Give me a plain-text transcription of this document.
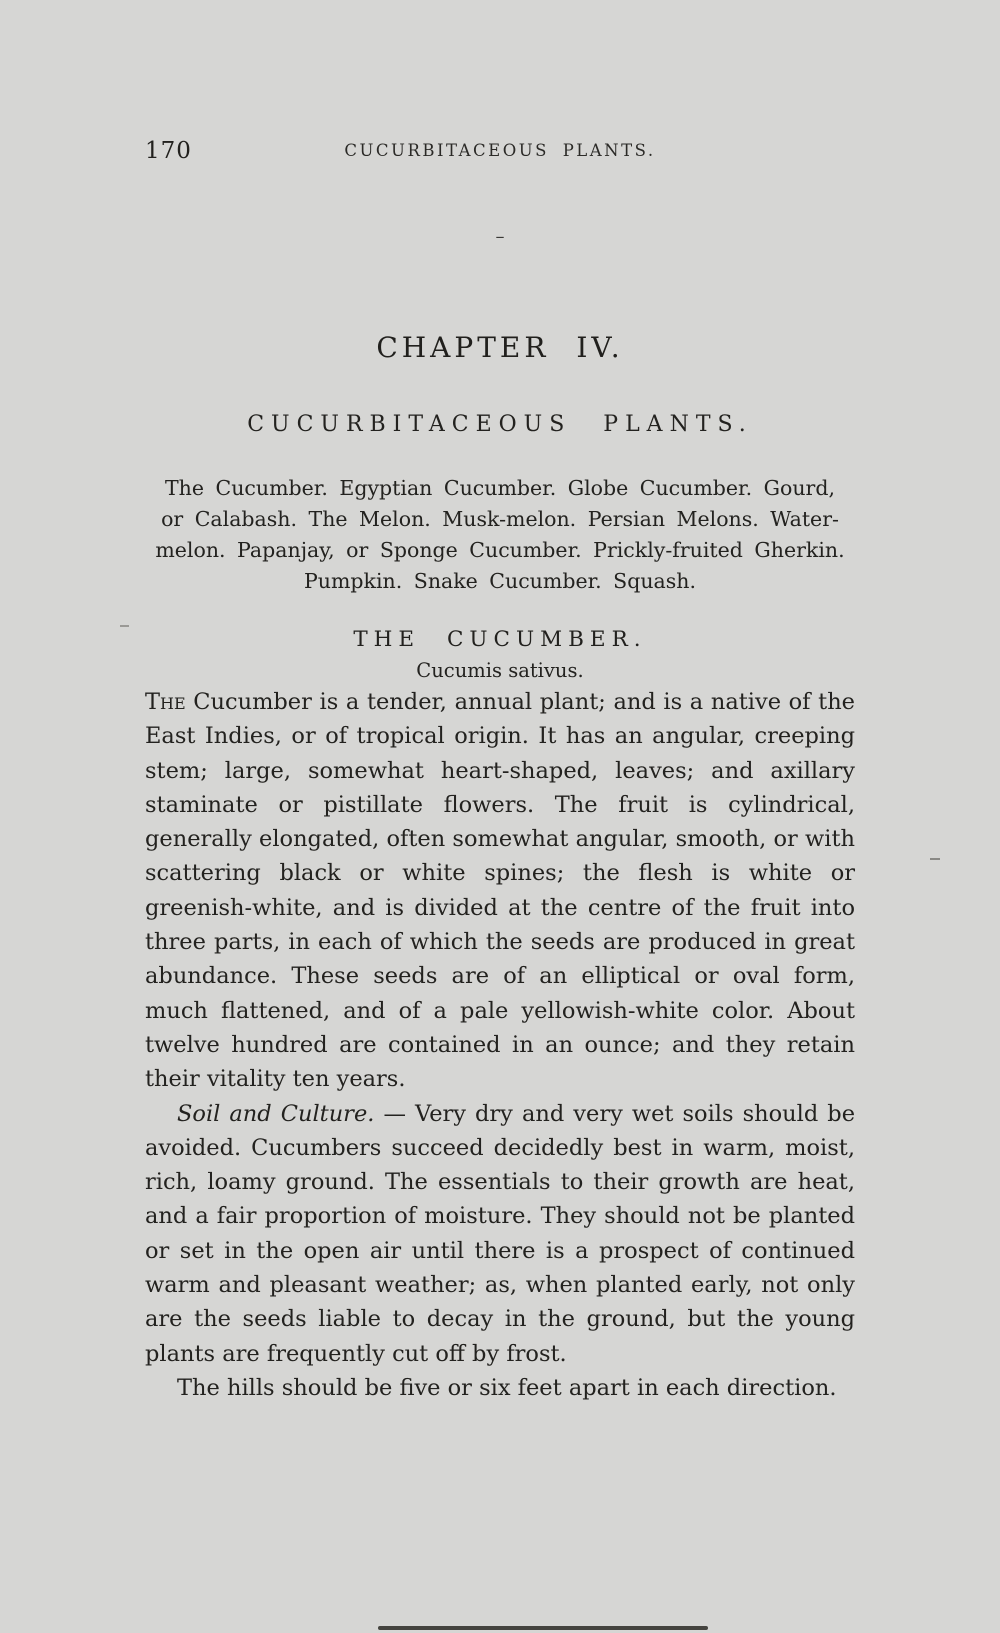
170	CUCURBITACEOUS PLANTS.
–
CHAPTER IV.
CUCURBITACEOUS PLANTS.

The Cucumber. Egyptian Cucumber. Globe Cucumber. Gourd, or Calabash. The Melon. Musk-melon. Persian Melons. Water-melon. Papanjay, or Sponge Cucumber. Prickly-fruited Gherkin. Pumpkin. Snake Cucumber. Squash.

THE CUCUMBER.

Cucumis sativus.

The Cucumber is a tender, annual plant; and is a native of the East Indies, or of tropical origin. It has an angular, creeping stem; large, somewhat heart-shaped, leaves; and axillary staminate or pistillate flowers. The fruit is cylindrical, generally elongated, often somewhat angular, smooth, or with scattering black or white spines; the flesh is white or greenish-white, and is divided at the centre of the fruit into three parts, in each of which the seeds are produced in great abundance. These seeds are of an elliptical or oval form, much flattened, and of a pale yellowish-white color. About twelve hundred are contained in an ounce; and they retain their vitality ten years.

Soil and Culture. — Very dry and very wet soils should be avoided. Cucumbers succeed decidedly best in warm, moist, rich, loamy ground. The essentials to their growth are heat, and a fair proportion of moisture. They should not be planted or set in the open air until there is a prospect of continued warm and pleasant weather; as, when planted early, not only are the seeds liable to decay in the ground, but the young plants are frequently cut off by frost.

The hills should be five or six feet apart in each direction.
